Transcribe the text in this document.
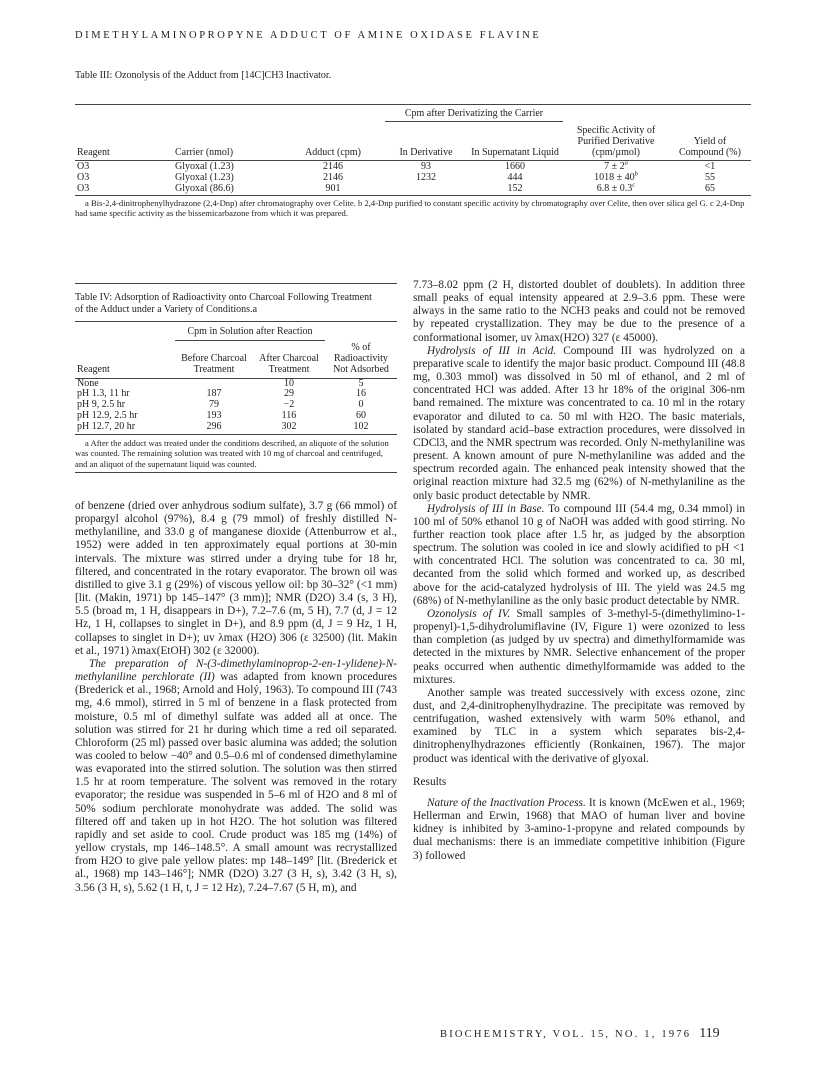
DIMETHYLAMINOPROPYNE ADDUCT OF AMINE OXIDASE FLAVINE
Table III: Ozonolysis of the Adduct from [14C]CH3 Inactivator.
			Cpm after Derivatizing the Carrier			
Reagent	Carrier (nmol)	Adduct (cpm)	In Derivative	In Supernatant Liquid	Specific Activity of Purified Derivative (cpm/µmol)	Yield of Compound (%)

O3	Glyoxal (1.23)	2146	93	1660	$7 \pm 2^a$	<1
O3	Glyoxal (1.23)	2146	1232	444	$1018 \pm 40^b$	55
O3	Glyoxal (86.6)	901		152	6.8 ± 0.3$^c$	65
a Bis-2,4-dinitrophenylhydrazone (2,4-Dnp) after chromatography over Celite. b 2,4-Dnp purified to constant specific activity by chromatography over Celite, then over silica gel G. c 2,4-Dnp had same specific activity as the bissemicarbazone from which it was prepared.
Table IV: Adsorption of Radioactivity onto Charcoal Following Treatment of the Adduct under a Variety of Conditions.a
	Cpm in Solution after Reaction		
Reagent	Before Charcoal Treatment	After Charcoal Treatment	% of Radioactivity Not Adsorbed

None		10	5
pH 1.3, 11 hr	187	29	16
pH 9, 2.5 hr	79	−2	0
pH 12.9, 2.5 hr	193	116	60
pH 12.7, 20 hr	296	302	102
a After the adduct was treated under the conditions described, an aliquote of the solution was counted. The remaining solution was treated with 10 mg of charcoal and centrifuged, and an aliquot of the supernatant liquid was counted.

of benzene (dried over anhydrous sodium sulfate), 3.7 g (66 mmol) of propargyl alcohol (97%), 8.4 g (79 mmol) of freshly distilled N-methylaniline, and 33.0 g of manganese dioxide (Attenburrow et al., 1952) were added in ten approximately equal portions at 30-min intervals. The mixture was stirred under a drying tube for 18 hr, filtered, and concentrated in the rotary evaporator. The brown oil was distilled to give 3.1 g (29%) of viscous yellow oil: bp 30–32° (<1 mm) [lit. (Makin, 1971) bp 145–147° (3 mm)]; NMR (D2O) 3.4 (s, 3 H), 5.5 (broad m, 1 H, disappears in D+), 7.2–7.6 (m, 5 H), 7.7 (d, J = 12 Hz, 1 H, collapses to singlet in D+), and 8.9 ppm (d, J = 9 Hz, 1 H, collapses to singlet in D+); uv λmax (H2O) 306 (ε 32500) (lit. Makin et al., 1971) λmax(EtOH) 302 (ε 32000).

The preparation of N-(3-dimethylaminoprop-2-en-1-ylidene)-N-methylaniline perchlorate (II) was adapted from known procedures (Brederick et al., 1968; Arnold and Holý, 1963). To compound III (743 mg, 4.6 mmol), stirred in 5 ml of benzene in a flask protected from moisture, 0.5 ml of dimethyl sulfate was added all at once. The solution was stirred for 21 hr during which time a red oil separated. Chloroform (25 ml) passed over basic alumina was added; the solution was cooled to below −40° and 0.5–0.6 ml of condensed dimethylamine was evaporated into the stirred solution. The solution was then stirred 1.5 hr at room temperature. The solvent was removed in the rotary evaporator; the residue was suspended in 5–6 ml of H2O and 8 ml of 50% sodium perchlorate monohydrate was added. The solid was filtered off and taken up in hot H2O. The hot solution was filtered rapidly and set aside to cool. Crude product was 185 mg (14%) of yellow crystals, mp 146–148.5°. A small amount was recrystallized from H2O to give pale yellow plates: mp 148–149° [lit. (Brederick et al., 1968) mp 143–146°]; NMR (D2O) 3.27 (3 H, s), 3.42 (3 H, s), 3.56 (3 H, s), 5.62 (1 H, t, J = 12 Hz), 7.24–7.67 (5 H, m), and

7.73–8.02 ppm (2 H, distorted doublet of doublets). In addition three small peaks of equal intensity appeared at 2.9–3.6 ppm. These were always in the same ratio to the NCH3 peaks and could not be removed by repeated crystallization. They may be due to the presence of a conformational isomer, uv λmax(H2O) 327 (ε 45000).

Hydrolysis of III in Acid. Compound III was hydrolyzed on a preparative scale to identify the major basic product. Compound III (48.8 mg, 0.303 mmol) was dissolved in 50 ml of ethanol, and 2 ml of concentrated HCl was added. After 13 hr 18% of the original 306-nm band remained. The mixture was concentrated to ca. 10 ml in the rotary evaporator and diluted to ca. 50 ml with H2O. The basic materials, isolated by standard acid–base extraction procedures, were dissolved in CDCl3, and the NMR spectrum was recorded. Only N-methylaniline was present. A known amount of pure N-methylaniline was added and the spectrum recorded again. The enhanced peak intensity showed that the original reaction mixture had 32.5 mg (62%) of N-methylaniline as the only basic product detectable by NMR.

Hydrolysis of III in Base. To compound III (54.4 mg, 0.34 mmol) in 100 ml of 50% ethanol 10 g of NaOH was added with good stirring. No further reaction took place after 1.5 hr, as judged by the absorption spectrum. The solution was cooled in ice and slowly acidified to pH <1 with concentrated HCl. The solution was concentrated to ca. 30 ml, decanted from the solid which formed and worked up, as described above for the acid-catalyzed hydrolysis of III. The yield was 24.5 mg (68%) of N-methylaniline as the only basic product detectable by NMR.

Ozonolysis of IV. Small samples of 3-methyl-5-(dimethylimino-1-propenyl)-1,5-dihydrolumiflavine (IV, Figure 1) were ozonized to less than completion (as judged by uv spectra) and dimethylformamide was detected in the mixtures by NMR. Selective enhancement of the proper peaks occurred when authentic dimethylformamide was added to the mixtures.

Another sample was treated successively with excess ozone, zinc dust, and 2,4-dinitrophenylhydrazine. The precipitate was removed by centrifugation, washed extensively with warm 50% ethanol, and examined by TLC in a system which separates bis-2,4-dinitrophenylhydrazones efficiently (Ronkainen, 1967). The major product was identical with the derivative of glyoxal.

Results

Nature of the Inactivation Process. It is known (McEwen et al., 1969; Hellerman and Erwin, 1968) that MAO of human liver and bovine kidney is inhibited by 3-amino-1-propyne and related compounds by dual mechanisms: there is an immediate competitive inhibition (Figure 3) followed

BIOCHEMISTRY, VOL. 15, NO. 1, 1976 119
